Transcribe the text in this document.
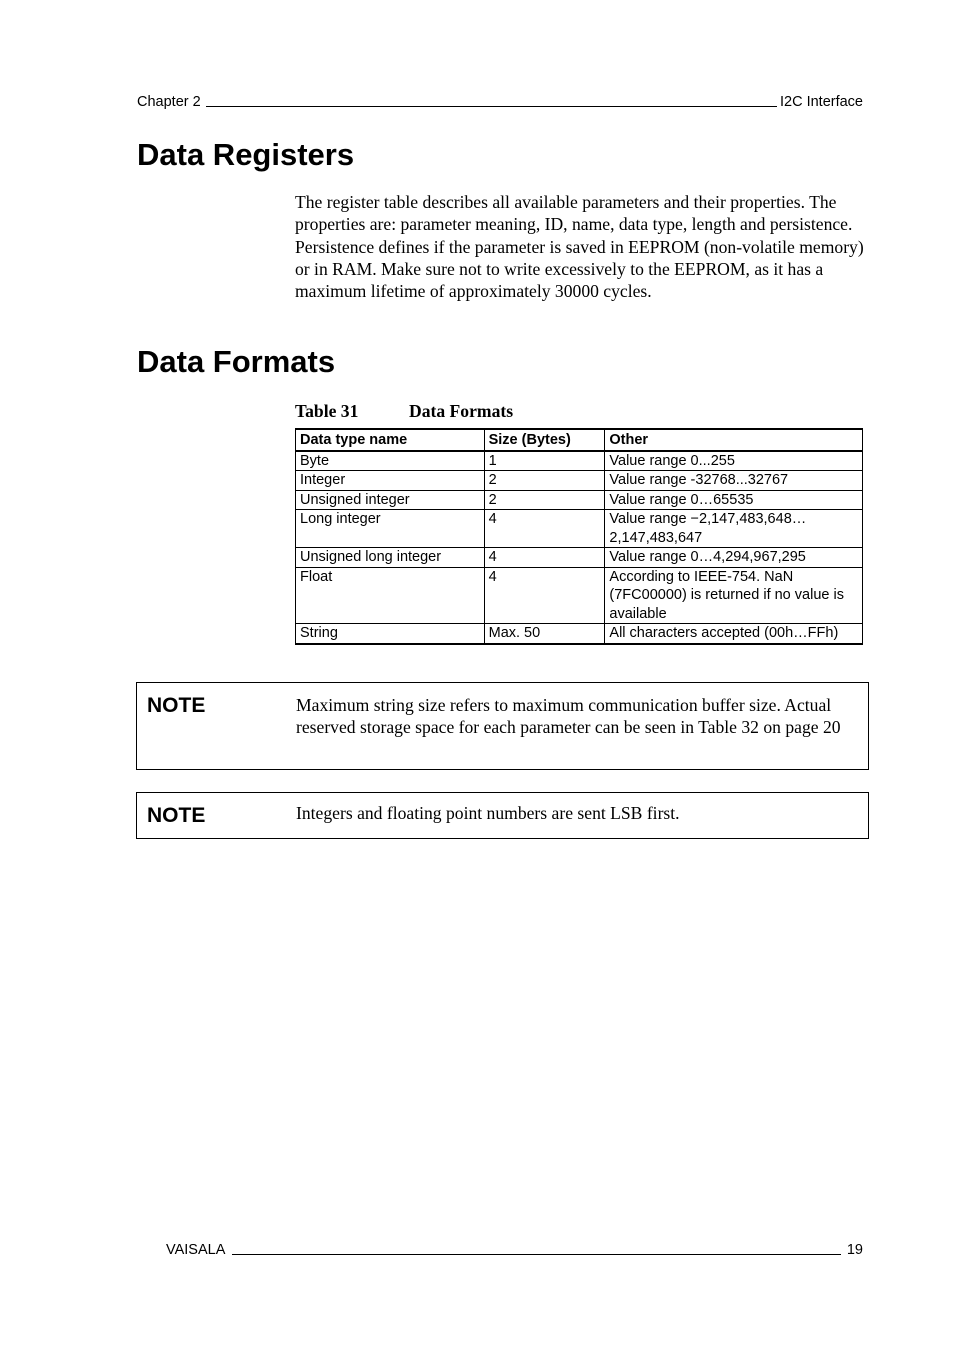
Chapter 2	I2C Interface
Data Registers

The register table describes all available parameters and their properties. The properties are: parameter meaning, ID, name, data type, length and persistence. Persistence defines if the parameter is saved in EEPROM (non-volatile memory) or in RAM. Make sure not to write excessively to the EEPROM, as it has a maximum lifetime of approximately 30000 cycles.

Data Formats
Table 31	Data Formats
Data type name	Size (Bytes)	Other
Byte	1	Value range 0...255
Integer	2	Value range -32768...32767
Unsigned integer	2	Value range 0…65535
Long integer	4	Value range −2,147,483,648…2,147,483,647
Unsigned long integer	4	Value range 0…4,294,967,295
Float	4	According to IEEE-754. NaN (7FC00000) is returned if no value is available
String	Max. 50	All characters accepted (00h…FFh)
NOTE	Maximum string size refers to maximum communication buffer size. Actual reserved storage space for each parameter can be seen in Table 32 on page 20
NOTE	Integers and floating point numbers are sent LSB first.
VAISALA	19
